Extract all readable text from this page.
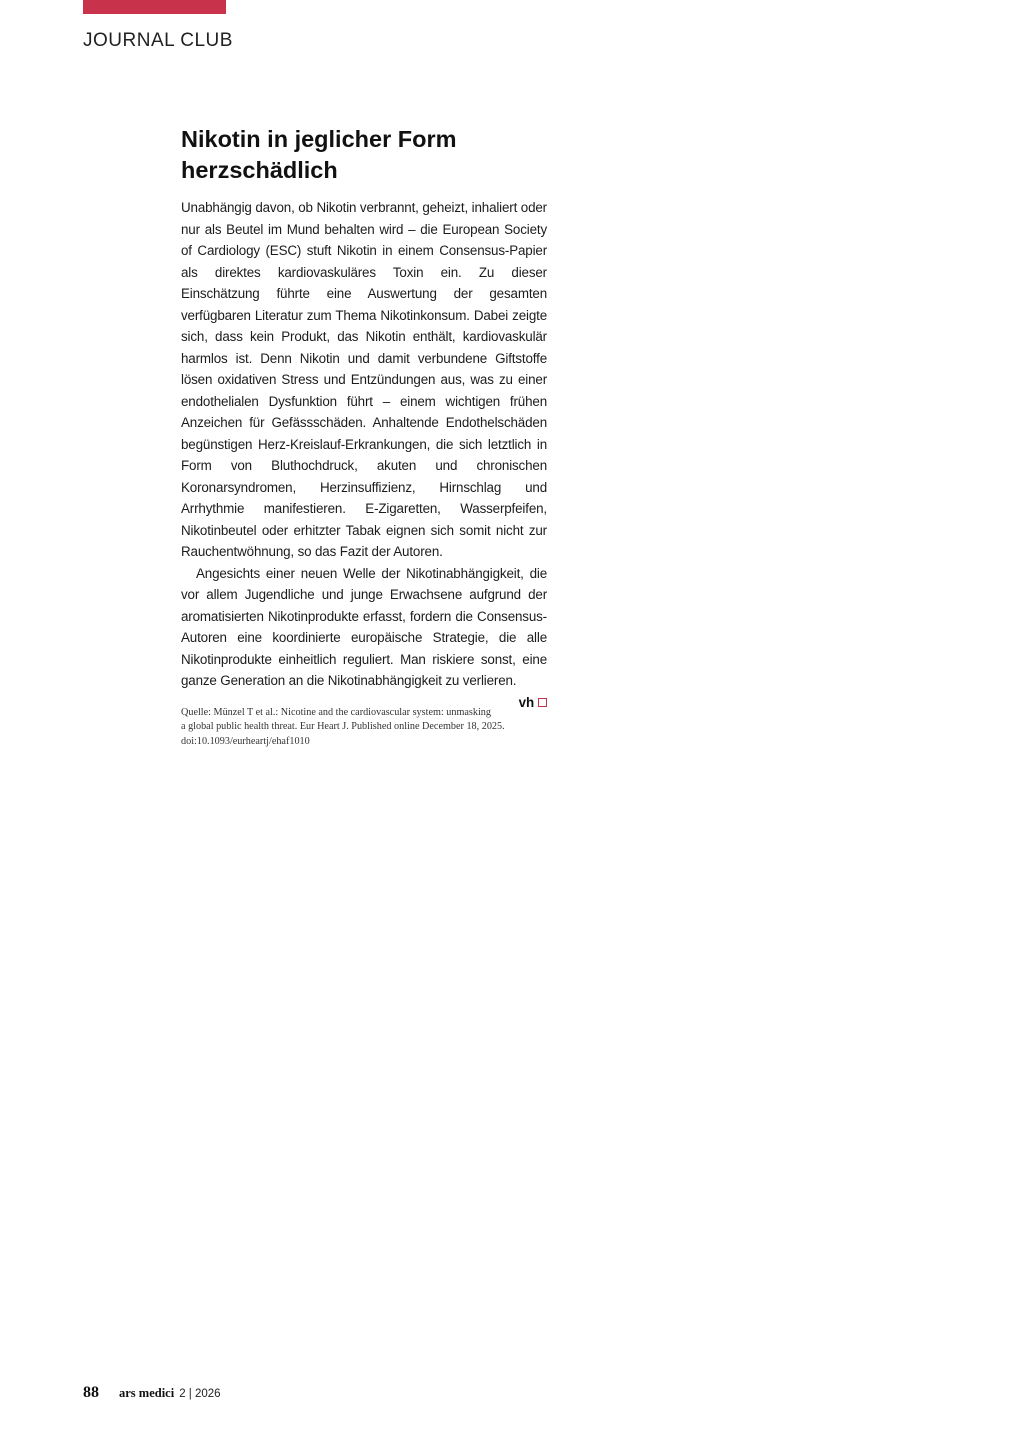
JOURNAL CLUB
Nikotin in jeglicher Form herzschädlich

Unabhängig davon, ob Nikotin verbrannt, geheizt, inhaliert oder nur als Beutel im Mund behalten wird – die European Society of Cardiology (ESC) stuft Nikotin in einem Consensus-Papier als direktes kardiovaskuläres Toxin ein. Zu dieser Einschätzung führte eine Auswertung der gesamten verfügbaren Literatur zum Thema Nikotinkonsum. Dabei zeigte sich, dass kein Produkt, das Nikotin enthält, kardiovaskulär harmlos ist. Denn Nikotin und damit verbundene Giftstoffe lösen oxidativen Stress und Entzündungen aus, was zu einer endothelialen Dysfunktion führt – einem wichtigen frühen Anzeichen für Gefässschäden. Anhaltende Endothelschäden begünstigen Herz-Kreislauf-Erkrankungen, die sich letztlich in Form von Bluthochdruck, akuten und chronischen Koronarsyndromen, Herzinsuffizienz, Hirnschlag und Arrhythmie manifestieren. E-Zigaretten, Wasserpfeifen, Nikotinbeutel oder erhitzter Tabak eignen sich somit nicht zur Rauchentwöhnung, so das Fazit der Autoren.

Angesichts einer neuen Welle der Nikotinabhängigkeit, die vor allem Jugendliche und junge Erwachsene aufgrund der aromatisierten Nikotinprodukte erfasst, fordern die Consensus-Autoren eine koordinierte europäische Strategie, die alle Nikotinprodukte einheitlich reguliert. Man riskiere sonst, eine ganze Generation an die Nikotinabhängigkeit zu verlieren.
vh

Quelle: Münzel T et al.: Nicotine and the cardiovascular system: unmasking a global public health threat. Eur Heart J. Published online December 18, 2025. doi:10.1093/eurheartj/ehaf1010
88 ars medici 2 | 2026
